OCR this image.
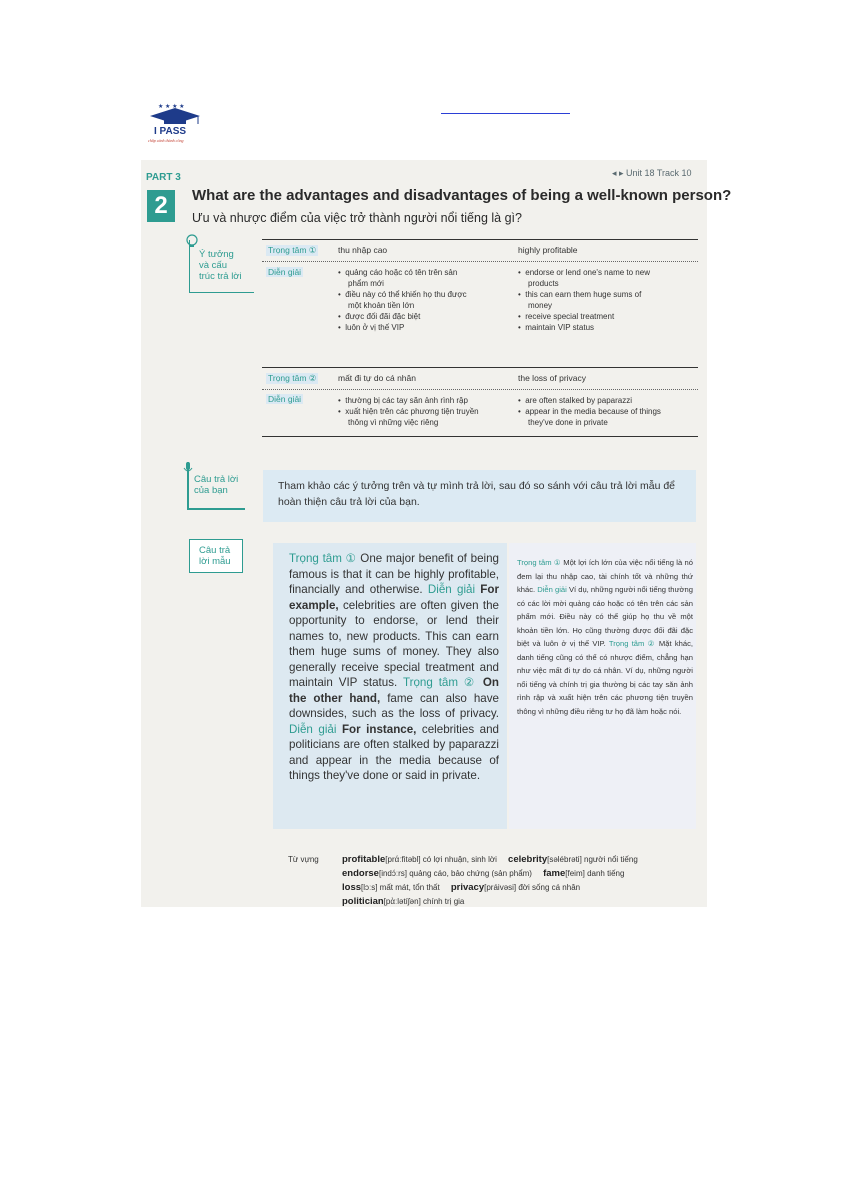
★ ★ ★ ★
I PASS
chắp cánh thành công
PART 3
2
◂ ▸ Unit 18 Track 10
What are the advantages and disadvantages of being a well-known person?
Ưu và nhược điểm của việc trở thành người nổi tiếng là gì?
Ý tưởng
và cấu
trúc trả lời
Trọng tâm ①	thu nhập cao	highly profitable
Diễn giải	•  quảng cáo hoặc có tên trên sản
phẩm mới
•  điều này có thể khiến họ thu được
một khoản tiền lớn
•  được đối đãi đặc biệt
•  luôn ở vị thế VIP
•  endorse or lend one's name to new
products
•  this can earn them huge sums of
money
•  receive special treatment
•  maintain VIP status
Trọng tâm ②	mất đi tự do cá nhân	the loss of privacy
Diễn giải	•  thường bị các tay săn ảnh rình rập
•  xuất hiện trên các phương tiện truyền
thông vì những việc riêng
•  are often stalked by paparazzi
•  appear in the media because of things
they've done in private
Câu trả lời
của bạn	Tham khảo các ý tưởng trên và tự mình trả lời, sau đó so sánh với câu trả lời mẫu để hoàn thiện câu trả lời của bạn.
Câu trả
lời mẫu	Trọng tâm ① One major benefit of being famous is that it can be highly profitable, financially and otherwise. Diễn giải For example, celebrities are often given the opportunity to endorse, or lend their names to, new products. This can earn them huge sums of money. They also generally receive special treatment and maintain VIP status. Trọng tâm ② On the other hand, fame can also have downsides, such as the loss of privacy. Diễn giải For instance, celebrities and politicians are often stalked by paparazzi and appear in the media because of things they've done or said in private.
Trọng tâm ① Một lợi ích lớn của việc nổi tiếng là nó đem lại thu nhập cao, tài chính tốt và những thứ khác. Diễn giải Ví dụ, những người nổi tiếng thường có các lời mời quảng cáo hoặc có tên trên các sản phẩm mới. Điều này có thể giúp họ thu về một khoản tiền lớn. Họ cũng thường được đối đãi đặc biệt và luôn ở vị thế VIP. Trọng tâm ② Mặt khác, danh tiếng cũng có thể có nhược điểm, chẳng hạn như việc mất đi tự do cá nhân. Ví dụ, những người nổi tiếng và chính trị gia thường bị các tay săn ảnh rình rập và xuất hiện trên các phương tiện truyền thông vì những điều riêng tư họ đã làm hoặc nói.
Từ vựng profitable[prάːfitəbl] có lợi nhuận, sinh lời celebrity[səlébrəti] người nổi tiếng
endorse[indɔ́ːrs] quảng cáo, bảo chứng (sản phẩm) fame[feim] danh tiếng
loss[lɔːs] mất mát, tổn thất privacy[práivəsi] đời sống cá nhân
politician[pὰːlətíʃən] chính trị gia
